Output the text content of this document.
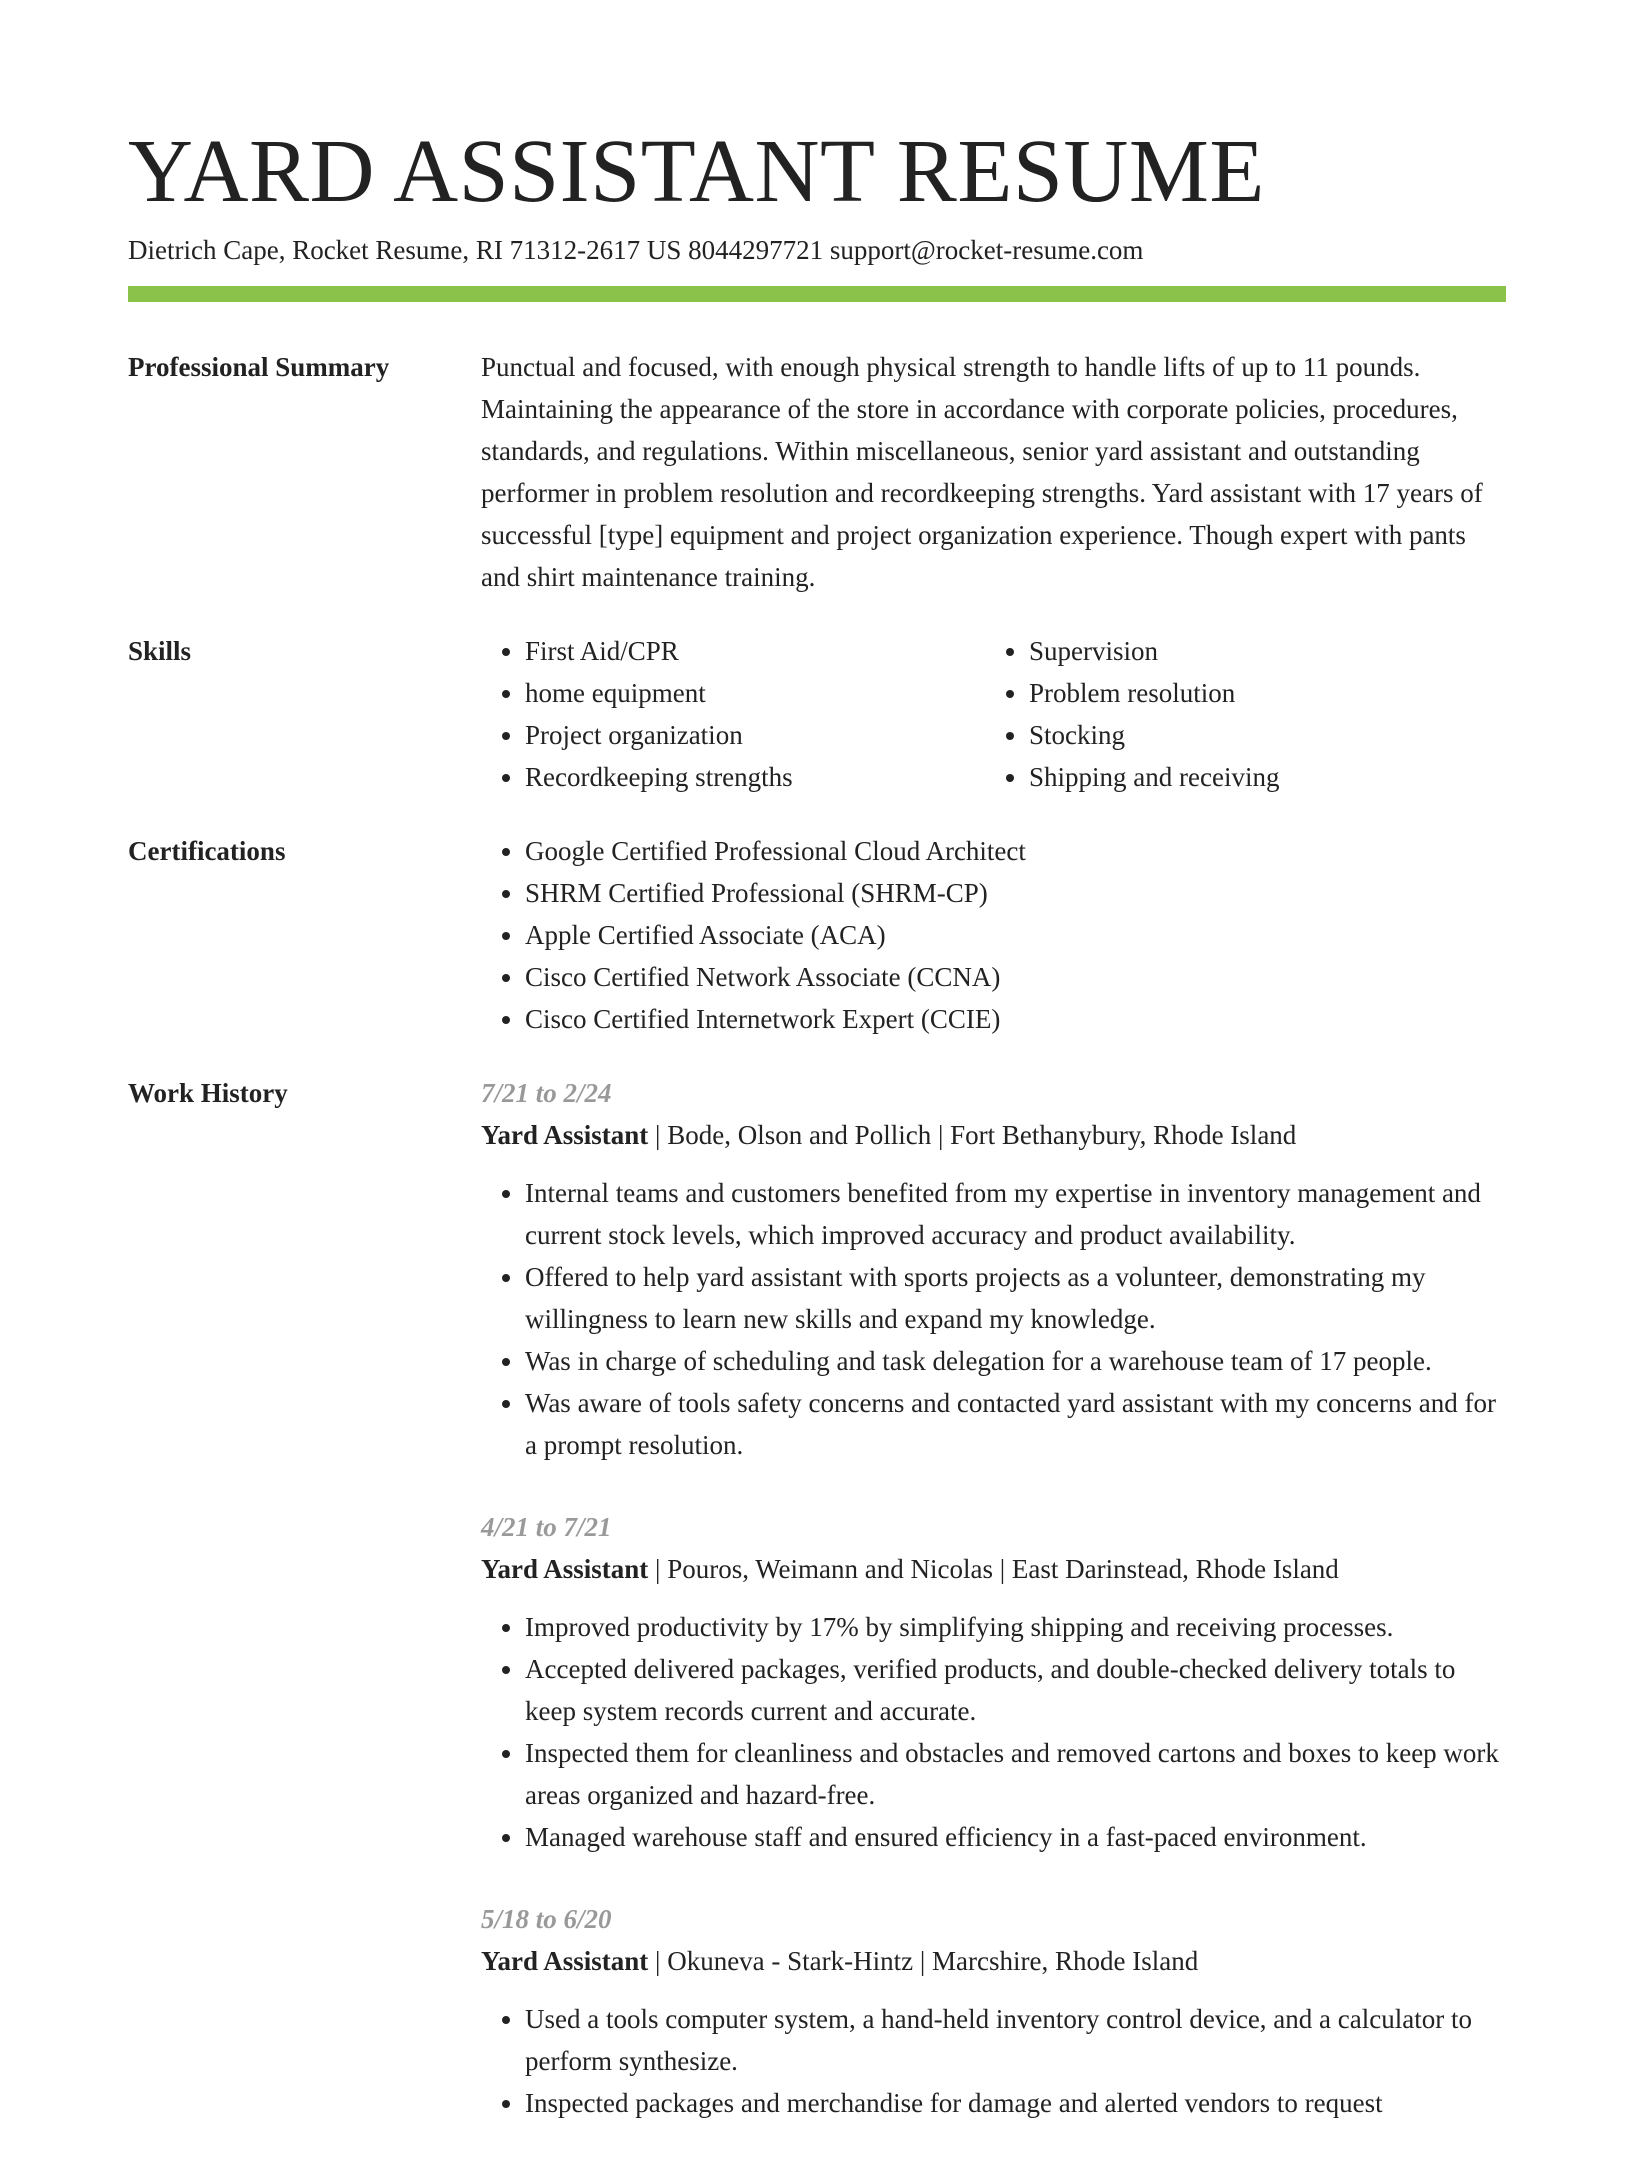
YARD ASSISTANT RESUME
Dietrich Cape, Rocket Resume, RI 71312-2617 US 8044297721 support@rocket-resume.com
Professional Summary	Punctual and focused, with enough physical strength to handle lifts of up to 11 pounds. Maintaining the appearance of the store in accordance with corporate policies, procedures, standards, and regulations. Within miscellaneous, senior yard assistant and outstanding performer in problem resolution and recordkeeping strengths. Yard assistant with 17 years of successful [type] equipment and project organization experience. Though expert with pants and shirt maintenance training.

Skills	• First Aid/CPR
• home equipment
• Project organization
• Recordkeeping strengths
• Supervision
• Problem resolution
• Stocking
• Shipping and receiving
Certifications	• Google Certified Professional Cloud Architect
• SHRM Certified Professional (SHRM-CP)
• Apple Certified Associate (ACA)
• Cisco Certified Network Associate (CCNA)
• Cisco Certified Internetwork Expert (CCIE)
Work History	7/21 to 2/24
Yard Assistant | Bode, Olson and Pollich | Fort Bethanybury, Rhode Island
• Internal teams and customers benefited from my expertise in inventory management and current stock levels, which improved accuracy and product availability.
• Offered to help yard assistant with sports projects as a volunteer, demonstrating my willingness to learn new skills and expand my knowledge.
• Was in charge of scheduling and task delegation for a warehouse team of 17 people.
• Was aware of tools safety concerns and contacted yard assistant with my concerns and for a prompt resolution.
4/21 to 7/21
Yard Assistant | Pouros, Weimann and Nicolas | East Darinstead, Rhode Island
• Improved productivity by 17% by simplifying shipping and receiving processes.
• Accepted delivered packages, verified products, and double-checked delivery totals to keep system records current and accurate.
• Inspected them for cleanliness and obstacles and removed cartons and boxes to keep work areas organized and hazard-free.
• Managed warehouse staff and ensured efficiency in a fast-paced environment.
5/18 to 6/20
Yard Assistant | Okuneva - Stark-Hintz | Marcshire, Rhode Island
• Used a tools computer system, a hand-held inventory control device, and a calculator to perform synthesize.
• Inspected packages and merchandise for damage and alerted vendors to request
